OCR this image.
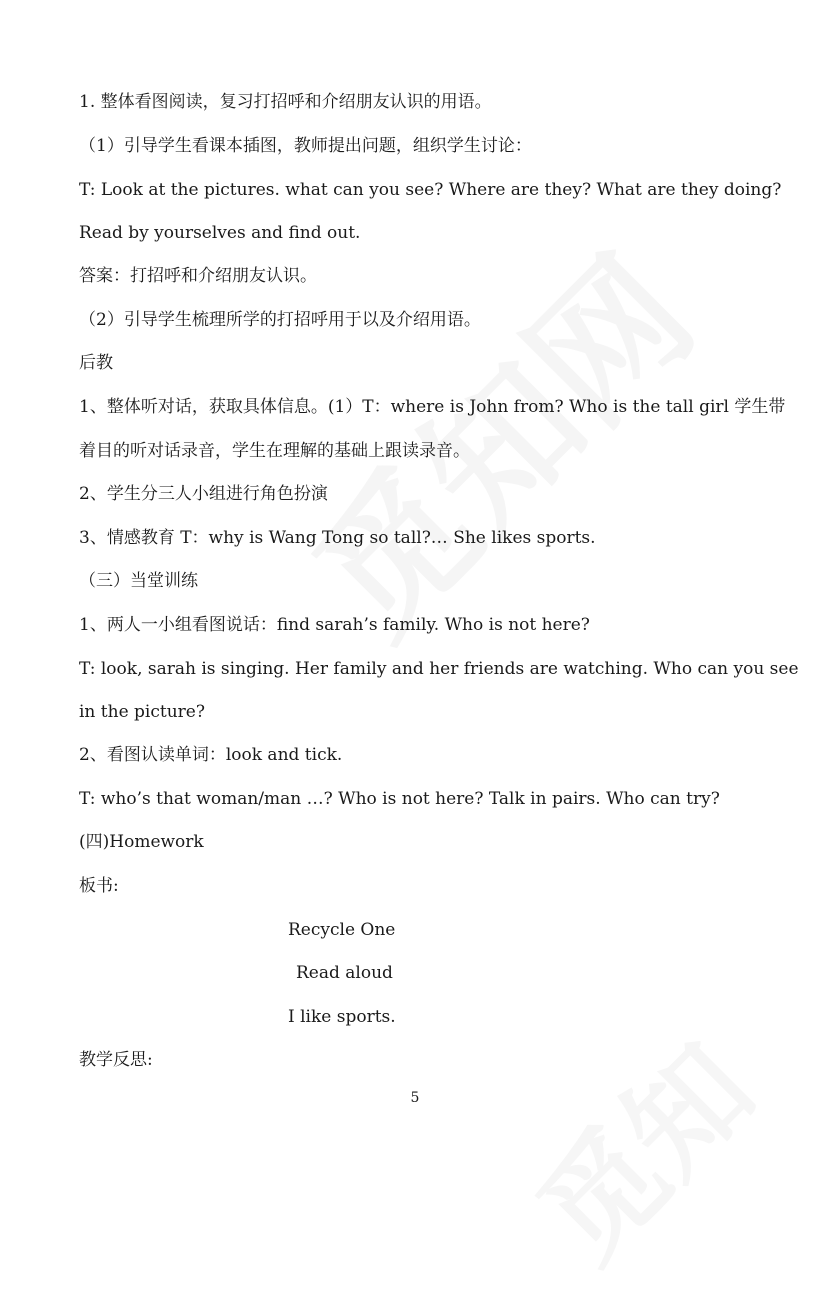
1. 整体看图阅读，复习打招呼和介绍朋友认识的用语。
（1）引导学生看课本插图，教师提出问题，组织学生讨论：
T: Look at the pictures. what can you see? Where are they? What are they doing?
Read by yourselves and find out.
答案：打招呼和介绍朋友认识。
（2）引导学生梳理所学的打招呼用于以及介绍用语。
后教
1、整体听对话，获取具体信息。(1）T：where is John from? Who is the tall girl 学生带
着目的听对话录音，学生在理解的基础上跟读录音。
2、学生分三人小组进行角色扮演
3、情感教育 T：why is Wang Tong so tall?… She likes sports.
（三）当堂训练
1、两人一小组看图说话：find sarah’s family. Who is not here?
T: look, sarah is singing. Her family and her friends are watching. Who can you see
in the picture?
2、看图认读单词：look and tick.
T: who’s that woman/man …? Who is not here? Talk in pairs. Who can try?
(四)Homework
板书:
Recycle One
Read aloud
I like sports.
教学反思:
5
